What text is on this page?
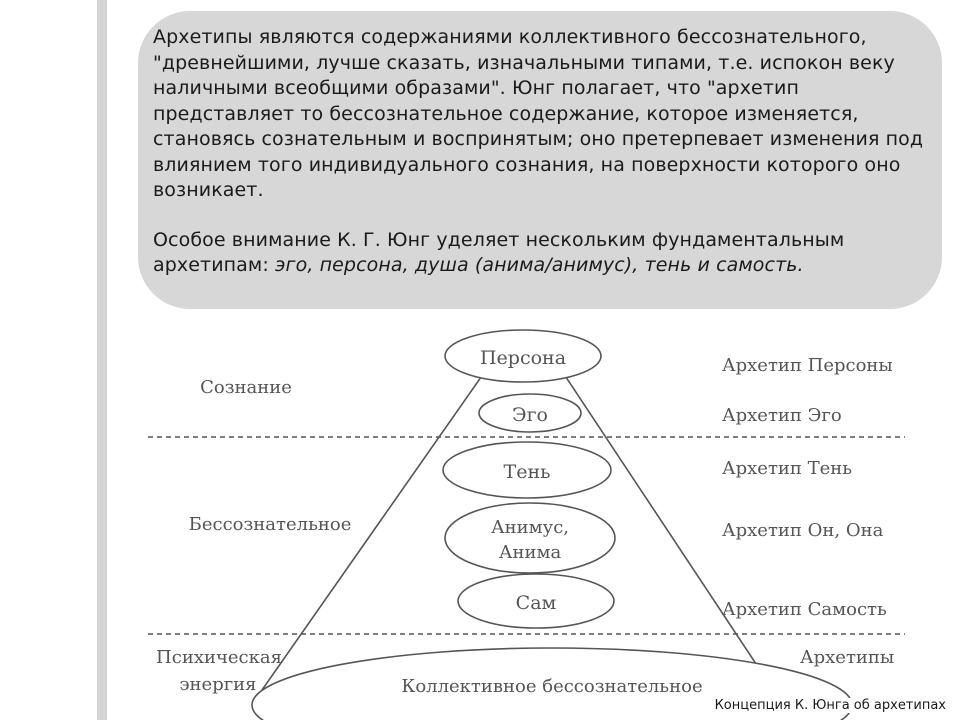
Архетипы являются содержаниями коллективного бессознательного, "древнейшими, лучше сказать, изначальными типами, т.е. испокон веку наличными всеобщими образами". Юнг полагает, что "архетип представляет то бессознательное содержание, которое изменяется, становясь сознательным и воспринятым; оно претерпевает изменения под влиянием того индивидуального сознания, на поверхности которого оно возникает.

Особое внимание К. Г. Юнг уделяет нескольким фундаментальным архетипам: эго, персона, душа (анима/анимус), тень и самость.

Персона
Эго
Тень
Анимус,
Анима
Сам
Коллективное бессознательное
Сознание
Бессознательное
Психическая
энергия
Архетип Персоны
Архетип Эго
Архетип Тень
Архетип Он, Она
Архетип Самость
Архетипы
Концепция К. Юнга об архетипах
